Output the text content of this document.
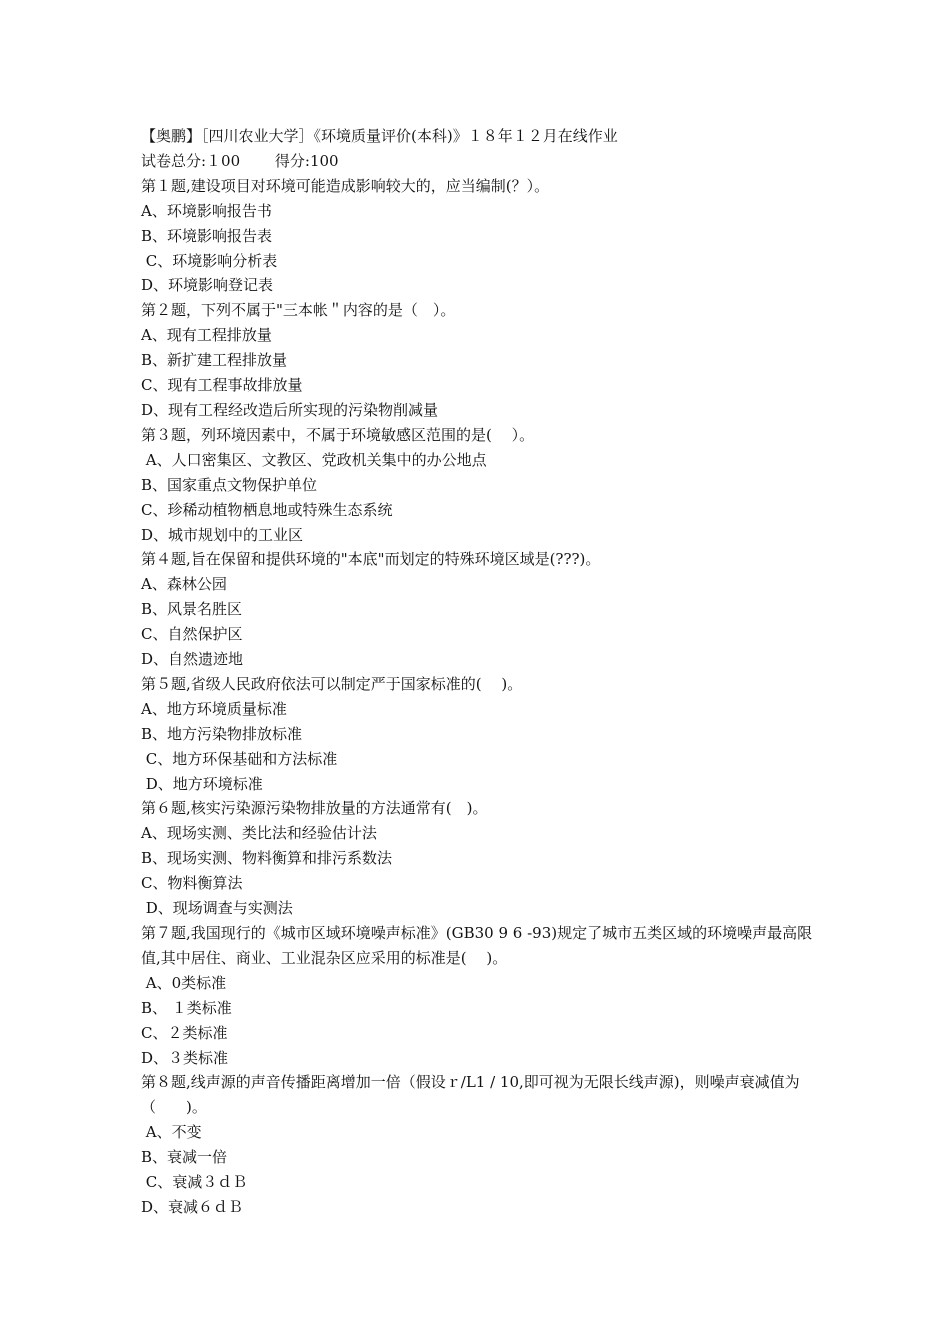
【奥鹏】［四川农业大学］《环境质量评价(本科)》１８年１２月在线作业
试卷总分:１00　　 得分:100
第１题,建设项目对环境可能造成影响较大的，应当编制(？）。
A、环境影响报告书
B、环境影响报告表
C、环境影响分析表
D、环境影响登记表
第２题，下列不属于"三本帐＂内容的是（　）。
A、现有工程排放量
B、新扩建工程排放量
C、现有工程事故排放量
D、现有工程经改造后所实现的污染物削减量
第３题，列环境因素中，不属于环境敏感区范围的是(　 ）。
A、人口密集区、文教区、党政机关集中的办公地点
B、国家重点文物保护单位
C、珍稀动植物栖息地或特殊生态系统
D、城市规划中的工业区
第４题,旨在保留和提供环境的"本底"而划定的特殊环境区域是(???)。
A、森林公园
B、风景名胜区
C、自然保护区
D、自然遗迹地
第５题,省级人民政府依法可以制定严于国家标准的(　 )。
A、地方环境质量标准
B、地方污染物排放标准
C、地方环保基础和方法标准
D、地方环境标准
第６题,核实污染源污染物排放量的方法通常有(　)。
A、现场实测、类比法和经验估计法
B、现场实测、物料衡算和排污系数法
C、物料衡算法
D、现场调查与实测法
第７题,我国现行的《城市区域环境噪声标准》(GB30 9 6 -93)规定了城市五类区域的环境噪声最高限值,其中居住、商业、工业混杂区应采用的标准是(　 )。
A、0类标准
B、 １类标准
C、２类标准
D、３类标准
第８题,线声源的声音传播距离增加一倍（假设ｒ/L1 / 10,即可视为无限长线声源)，则噪声衰减值为（　　)。
A、不变
B、衰减一倍
C、衰减３ｄＢ
D、衰减６ｄＢ
